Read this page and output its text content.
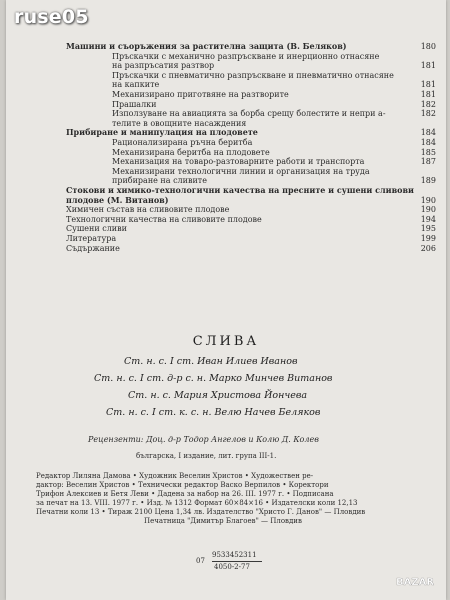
ruse05
Машини и съоръжения за растителна защита (В. Беляков)	180
Пръскачки с механично разпръскване и инерционно отнасяне
на разпръсатия разтвор	181
Пръскачки с пневматично разпръскване и пневматично отнасяне
на капките	181
Механизирано приготвяне на разтворите	181
Прашалки	182
Използуване на авиацията за борба срещу болестите и непри а-	182
телите в овощните насаждения
Прибиране и манипулация на плодовете	184
Рационализирана ръчна беритба	184
Механизирана беритба на плодовете	185
Механизация на товаро-разтоварните работи и транспорта	187
Механизирани технологични линии и организация на труда
прибиране на сливите	189
Стокови и химико-технологични качества на пресните и сушени сливови
плодове (М. Витанов)	190
Химичен състав на сливовите плодове	190
Технологични качества на сливовите плодове	194
Сушени сливи	195
Литература	199
Съдържание	206
СЛИВА
Ст. н. с. I ст. Иван Илиев Иванов
Ст. н. с. I ст. д-р с. н. Марко Минчев Витанов
Ст. н. с. Мария Христова Йончева
Ст. н. с. I ст. к. с. н. Велю Начев Беляков
Рецензенти: Доц. д-р Тодор Ангелов и Колю Д. Колев
българска, I издание, лит. група III-1.
Редактор Лиляна Дамова • Художник Веселин Христов • Художествен ре-
дактор: Веселин Христов • Технически редактор Васко Верпилов • Коректори
Трифон Алексиев и Бетя Леви • Дадена за набор на 26. III. 1977 г. • Подписана
за печат на 13. VIII. 1977 г. • Изд. № 1312 Формат 60×84×16 • Издателски коли 12,13
Печатни коли 13 • Тираж 2100 Цена 1,34 лв. Издателство "Христо Г. Данов" — Пловдив
Печатница "Димитър Благоев" — Пловдив
07
9533452311
4050-2-77
BAZAR
